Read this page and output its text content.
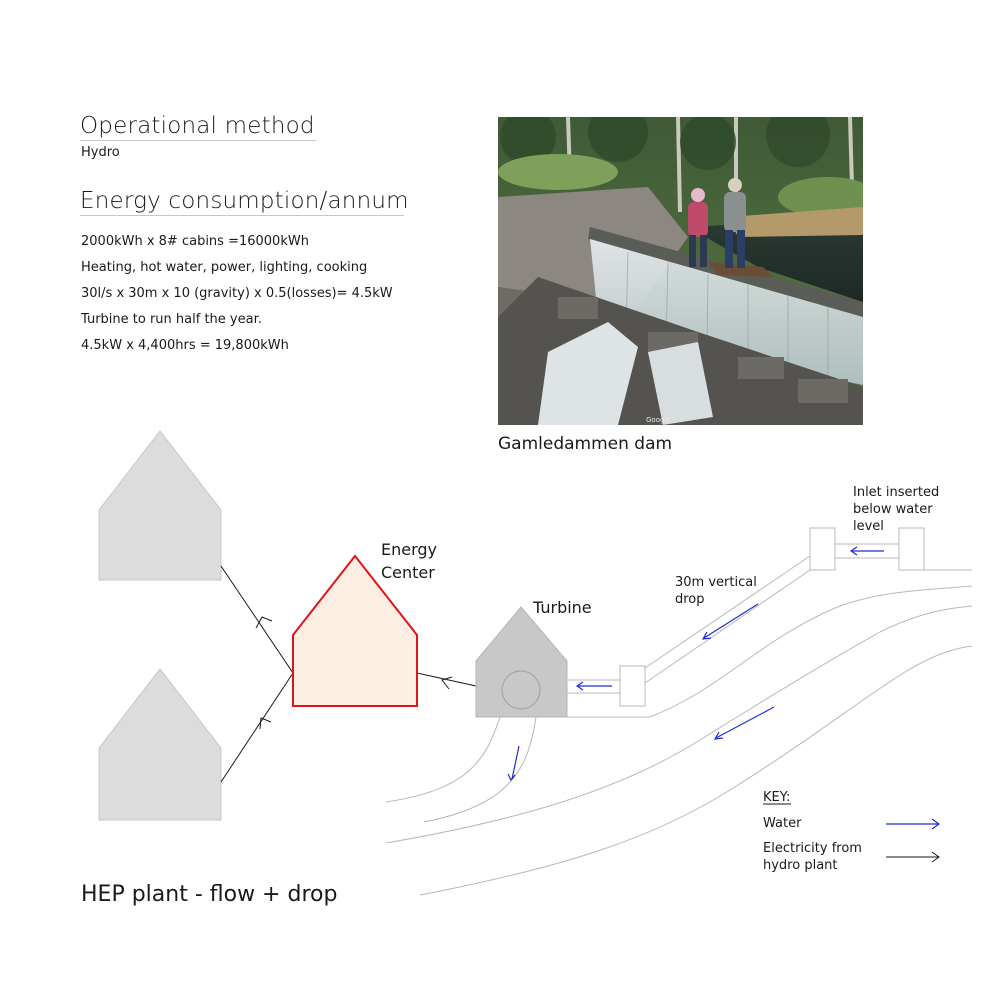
Operational method
Hydro
Energy consumption/annum
2000kWh x 8# cabins =16000kWh
Heating, hot water, power, lighting, cooking
30l/s x 30m x 10 (gravity) x 0.5(losses)= 4.5kW
Turbine to run half the year.
4.5kW x 4,400hrs = 19,800kWh
Google
Gamledammen dam
Energy
Center
Turbine
30m vertical
drop
Inlet inserted
below water
level
KEY:
Water
Electricity from
hydro plant
HEP plant - flow + drop
